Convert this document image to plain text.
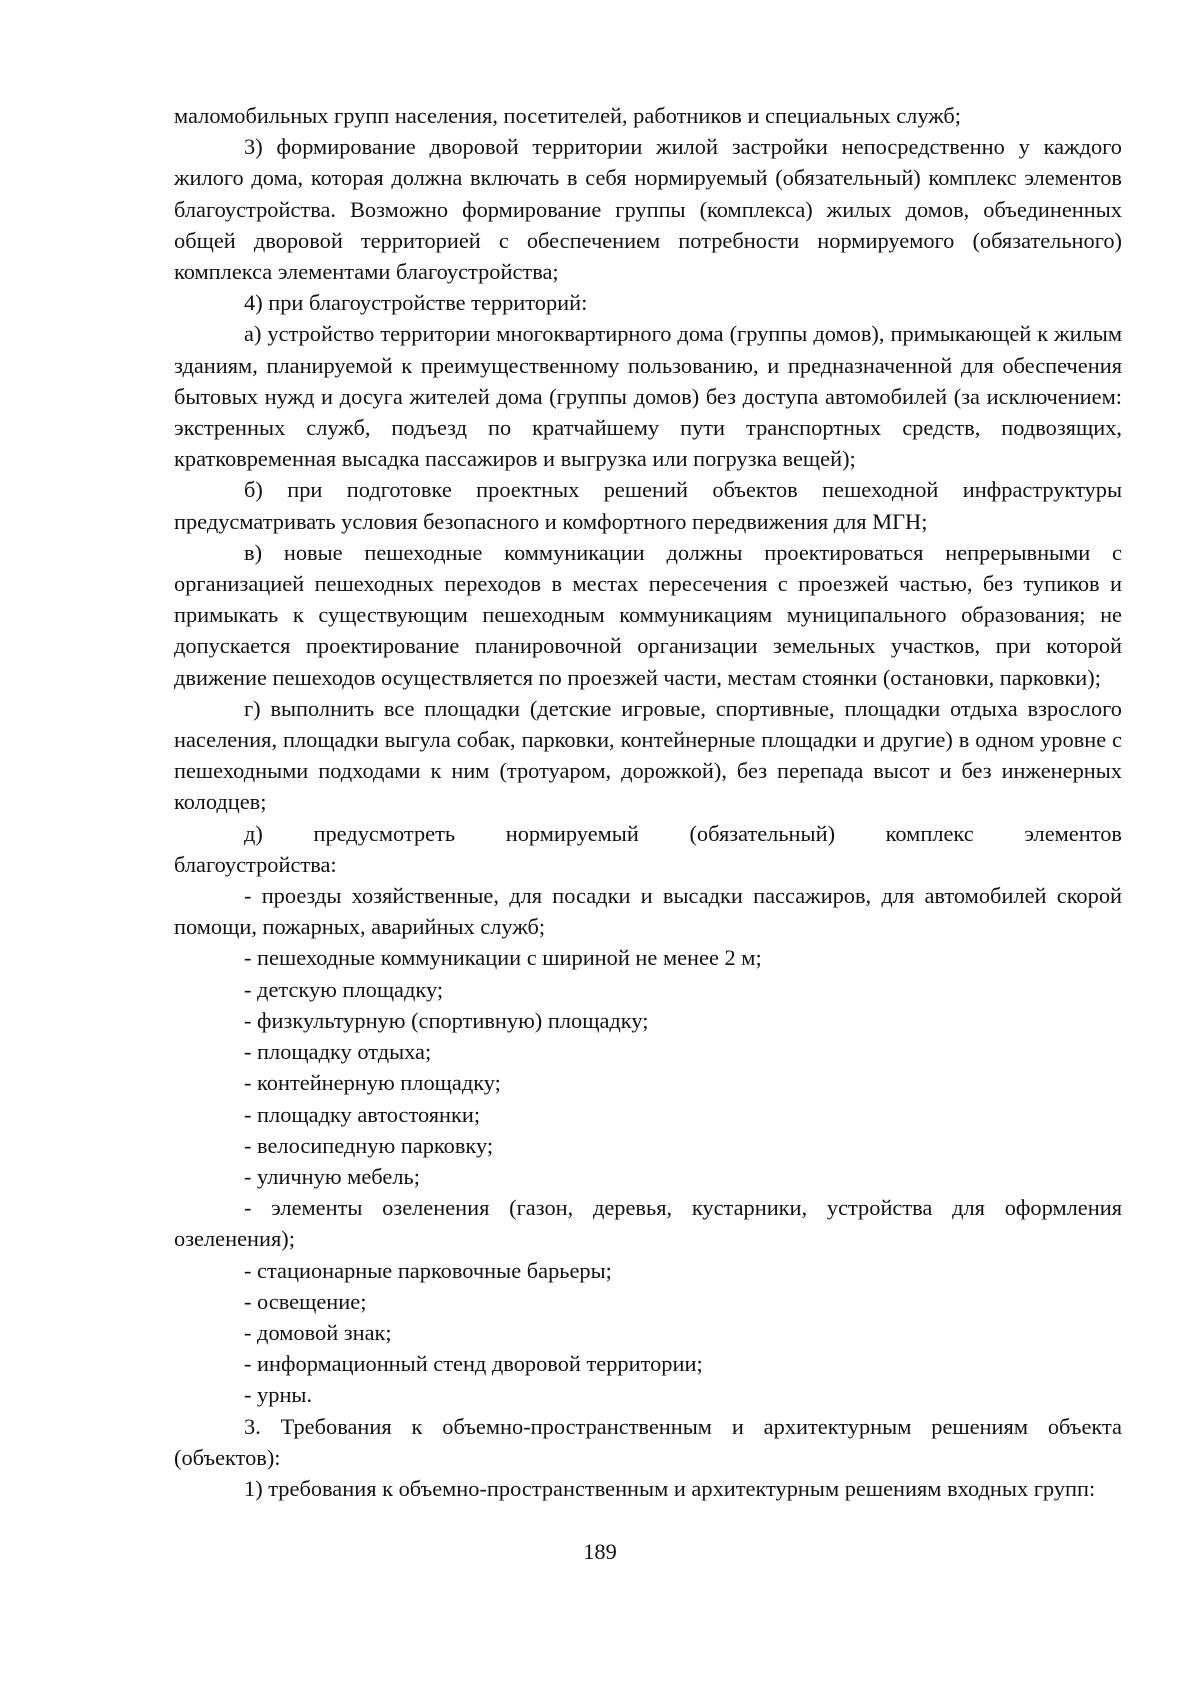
маломобильных групп населения, посетителей, работников и специальных служб;

3) формирование дворовой территории жилой застройки непосредственно у каждого жилого дома, которая должна включать в себя нормируемый (обязательный) комплекс элементов благоустройства. Возможно формирование группы (комплекса) жилых домов, объединенных общей дворовой территорией с обеспечением потребности нормируемого (обязательного) комплекса элементами благоустройства;

4) при благоустройстве территорий:

а) устройство территории многоквартирного дома (группы домов), примыкающей к жилым зданиям, планируемой к преимущественному пользованию, и предназначенной для обеспечения бытовых нужд и досуга жителей дома (группы домов) без доступа автомобилей (за исключением: экстренных служб, подъезд по кратчайшему пути транспортных средств, подвозящих, кратковременная высадка пассажиров и выгрузка или погрузка вещей);

б) при подготовке проектных решений объектов пешеходной инфраструктуры предусматривать условия безопасного и комфортного передвижения для МГН;

в) новые пешеходные коммуникации должны проектироваться непрерывными с организацией пешеходных переходов в местах пересечения с проезжей частью, без тупиков и примыкать к существующим пешеходным коммуникациям муниципального образования; не допускается проектирование планировочной организации земельных участков, при которой движение пешеходов осуществляется по проезжей части, местам стоянки (остановки, парковки);

г) выполнить все площадки (детские игровые, спортивные, площадки отдыха взрослого населения, площадки выгула собак, парковки, контейнерные площадки и другие) в одном уровне с пешеходными подходами к ним (тротуаром, дорожкой), без перепада высот и без инженерных колодцев;

д) предусмотреть нормируемый (обязательный) комплекс элементов благоустройства:

- проезды хозяйственные, для посадки и высадки пассажиров, для автомобилей скорой помощи, пожарных, аварийных служб;

- пешеходные коммуникации с шириной не менее 2 м;

- детскую площадку;

- физкультурную (спортивную) площадку;

- площадку отдыха;

- контейнерную площадку;

- площадку автостоянки;

- велосипедную парковку;

- уличную мебель;

- элементы озеленения (газон, деревья, кустарники, устройства для оформления озеленения);

- стационарные парковочные барьеры;

- освещение;

- домовой знак;

- информационный стенд дворовой территории;

- урны.

3. Требования к объемно-пространственным и архитектурным решениям объекта (объектов):

1) требования к объемно-пространственным и архитектурным решениям входных групп:

189
